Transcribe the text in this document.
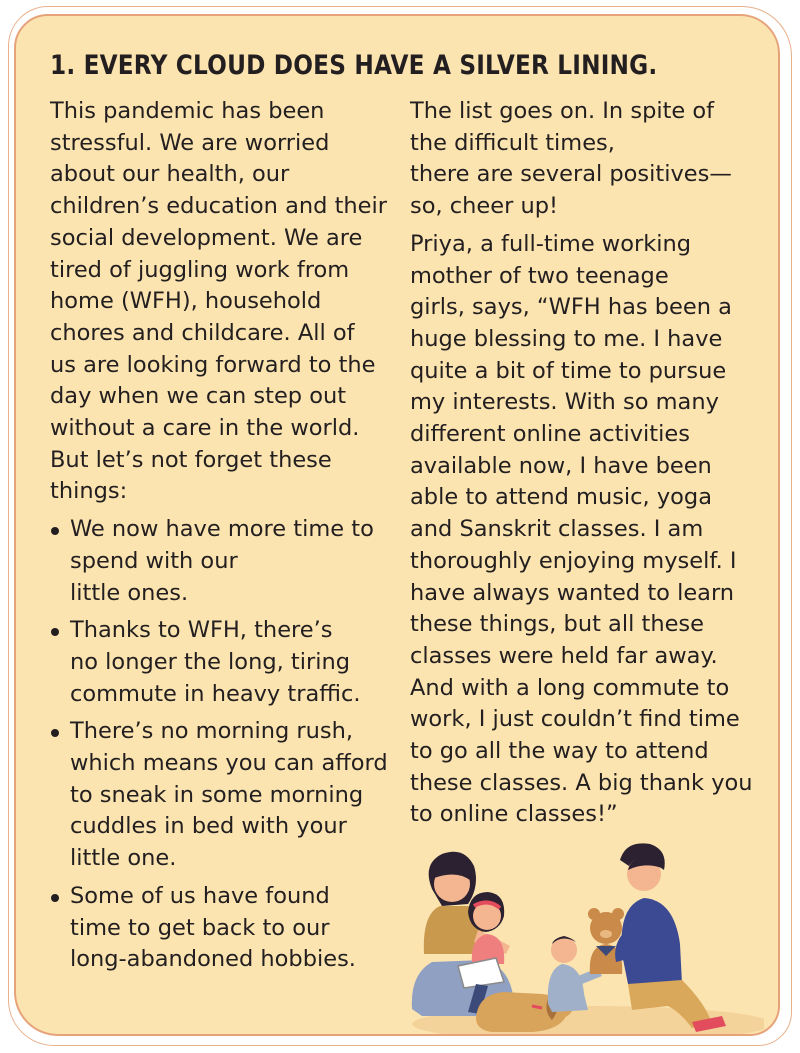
1. EVERY CLOUD DOES HAVE A SILVER LINING.

This pandemic has been
stressful. We are worried
about our health, our
children’s education and their
social development. We are
tired of juggling work from
home (WFH), household
chores and childcare. All of
us are looking forward to the
day when we can step out
without a care in the world.
But let’s not forget these
things:

We now have more time to
spend with our
little ones.
Thanks to WFH, there’s
no longer the long, tiring
commute in heavy traffic.
There’s no morning rush,
which means you can afford
to sneak in some morning
cuddles in bed with your
little one.
Some of us have found
time to get back to our
long-abandoned hobbies.

The list goes on. In spite of
the difficult times,
there are several positives—
so, cheer up!

Priya, a full-time working
mother of two teenage
girls, says, “WFH has been a
huge blessing to me. I have
quite a bit of time to pursue
my interests. With so many
different online activities
available now, I have been
able to attend music, yoga
and Sanskrit classes. I am
thoroughly enjoying myself. I
have always wanted to learn
these things, but all these
classes were held far away.
And with a long commute to
work, I just couldn’t find time
to go all the way to attend
these classes. A big thank you
to online classes!”
